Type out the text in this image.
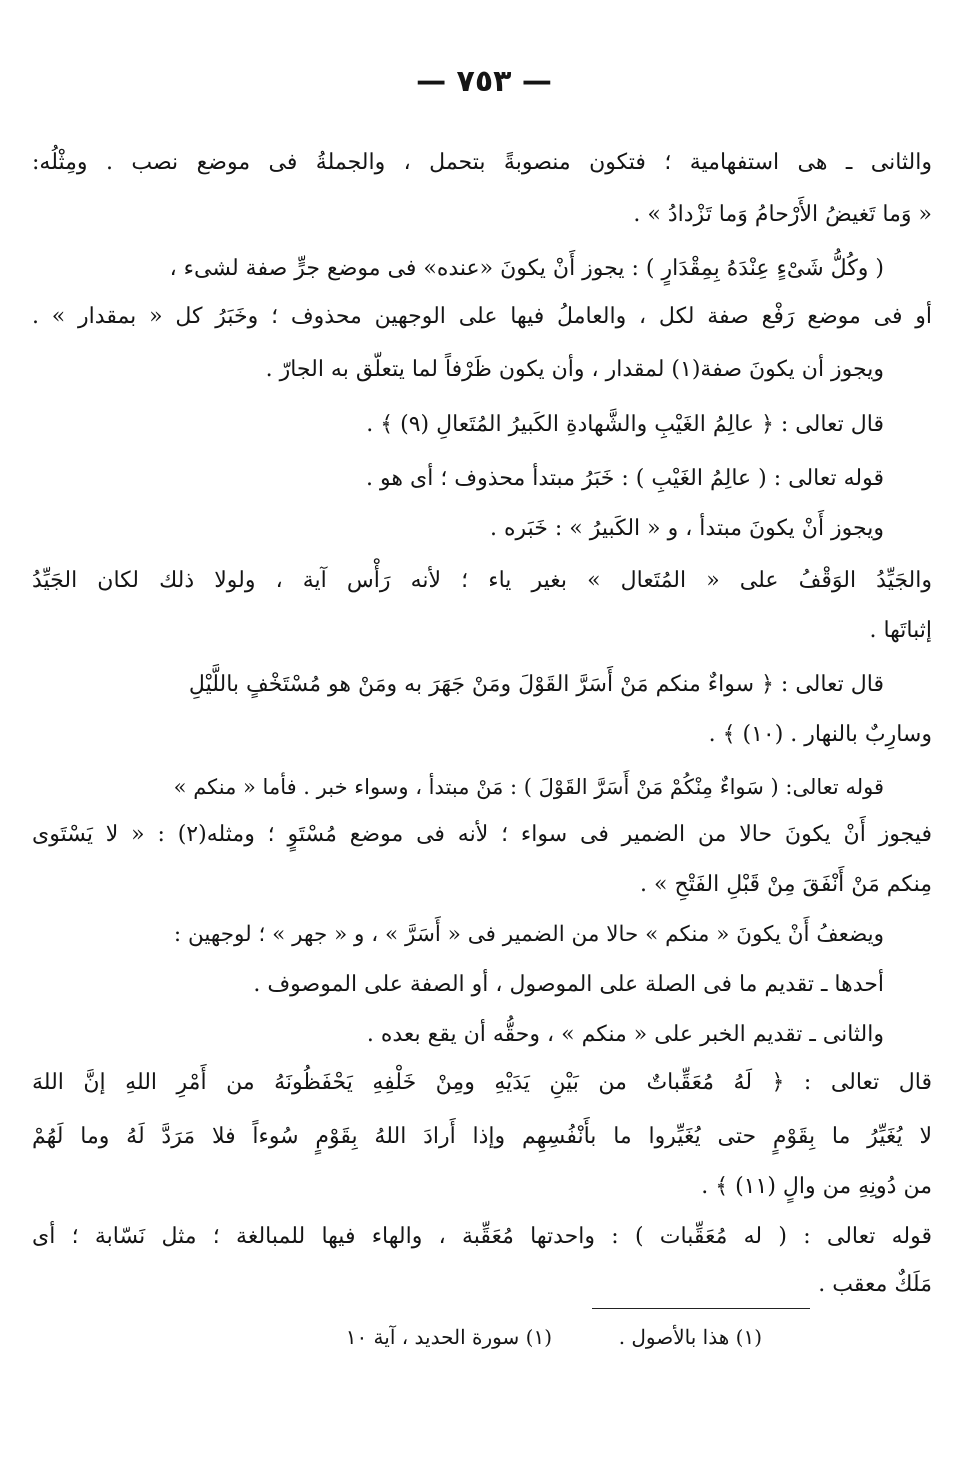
— ٧٥٣ —
والثانى ـ هى استفهامية ؛ فتكون منصوبةً بتحمل ، والجملةُ فى موضع نصب . ومِثْلُه:
« وَما تَغيضُ الأَرْحامُ وَما تَزْدادُ » .
( وكُلُّ شَىْءٍ عِنْدَهُ بِمِقْدَارٍ ) : يجوز أَنْ يكونَ «عنده» فى موضع جرٍّ صفة لشىء ،
أو فى موضع رَفْع صفة لكل ، والعاملُ فيها على الوجهين محذوف ؛ وخَبَرُ كل « بمقدار » .
ويجوز أن يكونَ صفة(١) لمقدار ، وأن يكون ظَرْفاً لما يتعلّق به الجارّ .
قال تعالى : ﴿ عالِمُ الغَيْبِ والشَّهادةِ الكَبيرُ المُتَعالِ (٩) ﴾ .
قوله تعالى : ( عالِمُ الغَيْبِ ) : خَبَرُ مبتدأ محذوف ؛ أى هو .
ويجوز أَنْ يكونَ مبتدأ ، و « الكَبيرُ » : خَبَره .
والجَيِّدُ الوَقْفُ على « المُتَعال » بغير ياء ؛ لأنه رَأْس آية ، ولولا ذلك لكان الجَيِّدُ
إثباتَها .
قال تعالى : ﴿ سواءٌ منكم مَنْ أَسَرَّ القَوْلَ ومَنْ جَهَرَ به ومَنْ هو مُسْتَخْفٍ باللَّيْلِ
وسارِبٌ بالنهار . (١٠) ﴾ .
قوله تعالى: ( سَواءٌ مِنْكُمْ مَنْ أَسَرَّ القَوْلَ ) : مَنْ مبتدأ ، وسواء خبر . فأما « منكم »
فيجوز أَنْ يكونَ حالا من الضمير فى سواء ؛ لأنه فى موضع مُسْتَوٍ ؛ ومثله(٢) : « لا يَسْتَوى
مِنكم مَنْ أَنْفَقَ مِنْ قَبْلِ الفَتْحِ » .
ويضعفُ أَنْ يكونَ « منكم » حالا من الضمير فى « أَسَرَّ » ، و « جهر » ؛ لوجهين :
أحدها ـ تقديم ما فى الصلة على الموصول ، أو الصفة على الموصوف .
والثانى ـ تقديم الخبر على « منكم » ، وحقُّه أن يقع بعده .
قال تعالى : ﴿ لَهُ مُعَقِّباتٌ من بَيْنِ يَدَيْهِ ومِنْ خَلْفِهِ يَحْفَظُونَهُ من أَمْرِ اللهِ إنَّ اللهَ
لا يُغَيِّرُ ما بِقَوْمٍ حتى يُغَيِّروا ما بأَنْفُسِهِم وإذا أَرادَ اللهُ بِقَوْمٍ سُوءاً فلا مَرَدَّ لَهُ وما لَهُمْ
من دُونِهِ من والٍ (١١) ﴾ .
قوله تعالى : ( له مُعَقِّبات ) : واحدتها مُعَقِّبة ، والهاء فيها للمبالغة ؛ مثل نَسّابة ؛ أى
مَلَكٌ معقب .
(١) هذا بالأصول .
(١) سورة الحديد ، آية ١٠
